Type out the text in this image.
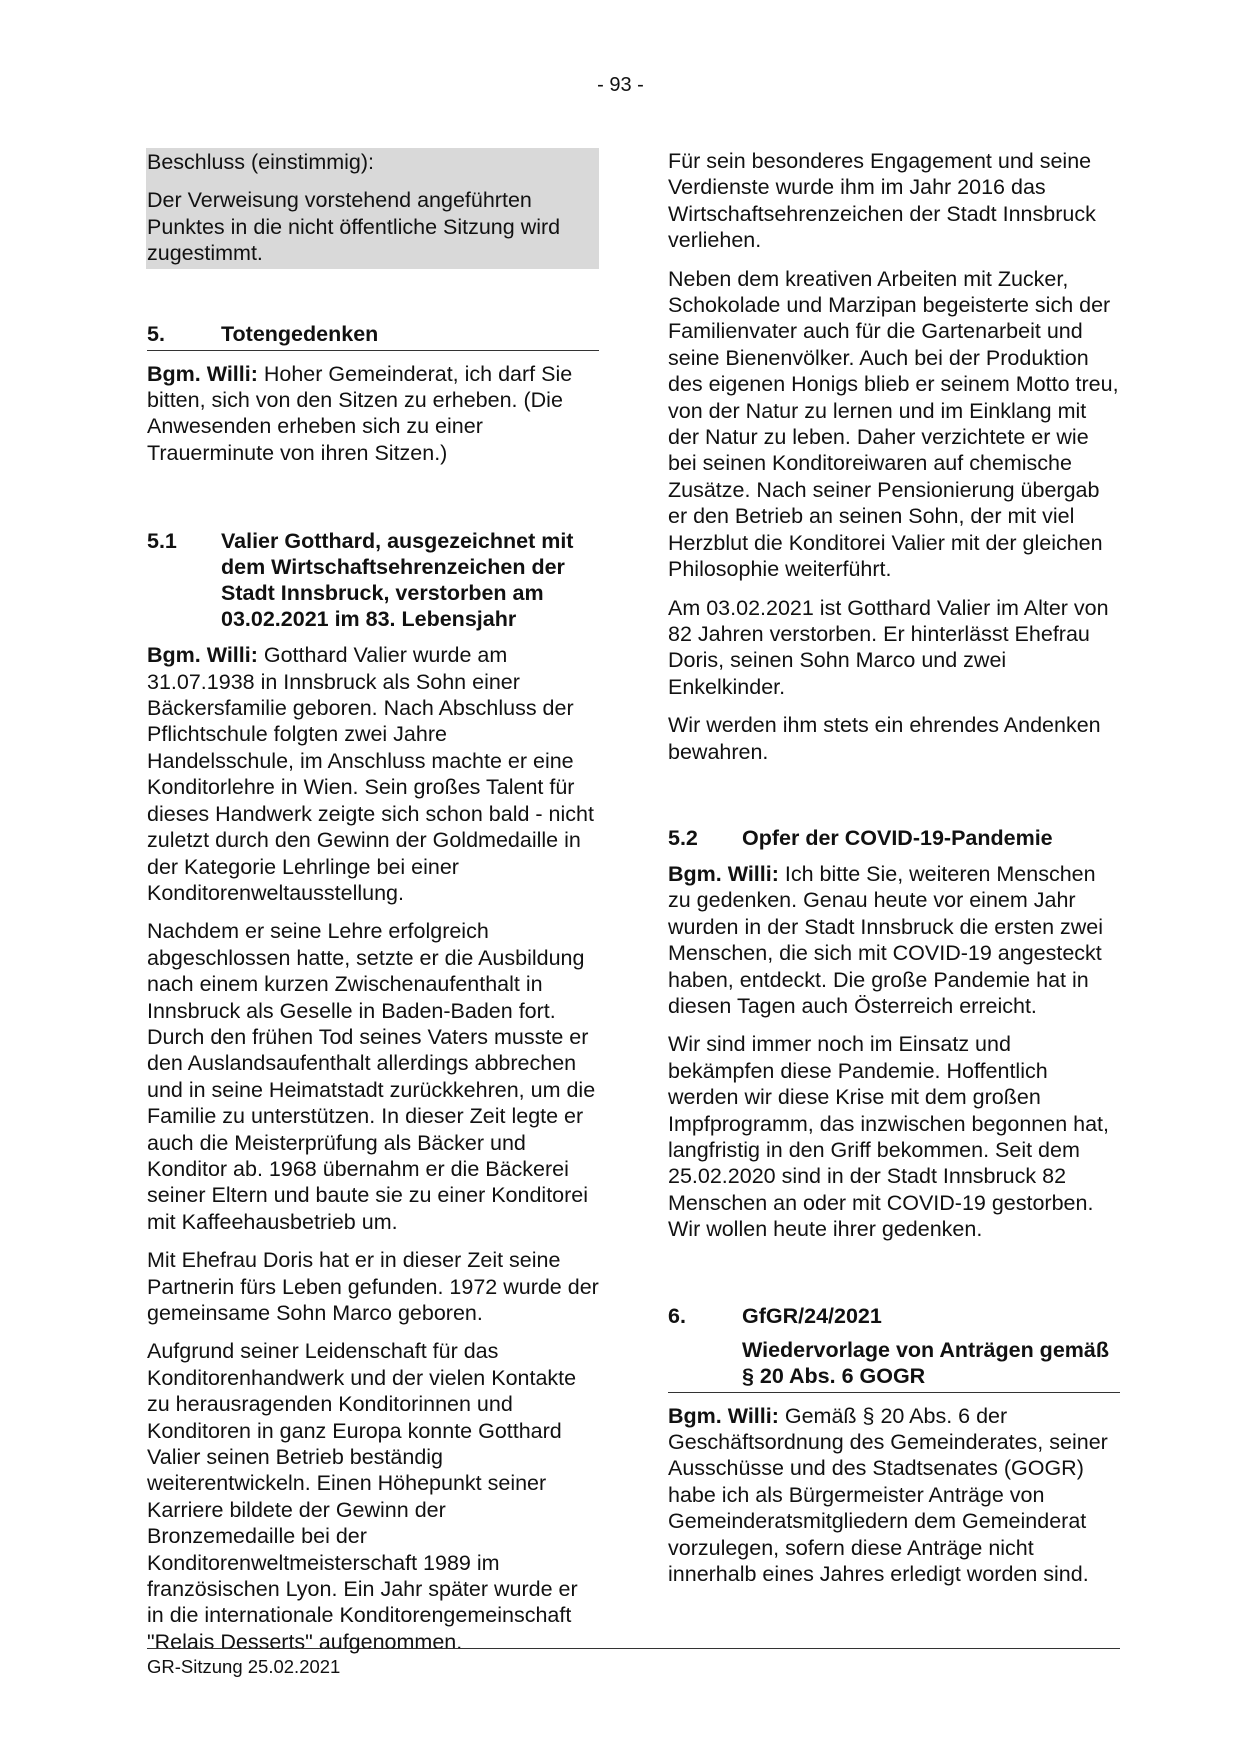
- 93 -

Beschluss (einstimmig):

Der Verweisung vorstehend angeführten Punktes in die nicht öffentliche Sitzung wird zugestimmt.

5.	Totengedenken

Bgm. Willi: Hoher Gemeinderat, ich darf Sie bitten, sich von den Sitzen zu erheben. (Die Anwesenden erheben sich zu einer Trauerminute von ihren Sitzen.)

5.1	Valier Gotthard, ausgezeichnet mit dem Wirtschaftsehrenzeichen der Stadt Innsbruck, verstorben am 03.02.2021 im 83. Lebensjahr

Bgm. Willi: Gotthard Valier wurde am 31.07.1938 in Innsbruck als Sohn einer Bäckersfamilie geboren. Nach Abschluss der Pflichtschule folgten zwei Jahre Handelsschule, im Anschluss machte er eine Konditorlehre in Wien. Sein großes Talent für dieses Handwerk zeigte sich schon bald - nicht zuletzt durch den Gewinn der Goldmedaille in der Kategorie Lehrlinge bei einer Konditorenweltausstellung.

Nachdem er seine Lehre erfolgreich abgeschlossen hatte, setzte er die Ausbildung nach einem kurzen Zwischenaufenthalt in Innsbruck als Geselle in Baden-Baden fort. Durch den frühen Tod seines Vaters musste er den Auslandsaufenthalt allerdings abbrechen und in seine Heimatstadt zurückkehren, um die Familie zu unterstützen. In dieser Zeit legte er auch die Meisterprüfung als Bäcker und Konditor ab. 1968 übernahm er die Bäckerei seiner Eltern und baute sie zu einer Konditorei mit Kaffeehausbetrieb um.

Mit Ehefrau Doris hat er in dieser Zeit seine Partnerin fürs Leben gefunden. 1972 wurde der gemeinsame Sohn Marco geboren.

Aufgrund seiner Leidenschaft für das Konditorenhandwerk und der vielen Kontakte zu herausragenden Konditorinnen und Konditoren in ganz Europa konnte Gotthard Valier seinen Betrieb beständig weiterentwickeln. Einen Höhepunkt seiner Karriere bildete der Gewinn der Bronzemedaille bei der Konditorenweltmeisterschaft 1989 im französischen Lyon. Ein Jahr später wurde er in die internationale Konditorengemeinschaft "Relais Desserts" aufgenommen.

Für sein besonderes Engagement und seine Verdienste wurde ihm im Jahr 2016 das Wirtschaftsehrenzeichen der Stadt Innsbruck verliehen.

Neben dem kreativen Arbeiten mit Zucker, Schokolade und Marzipan begeisterte sich der Familienvater auch für die Gartenarbeit und seine Bienenvölker. Auch bei der Produktion des eigenen Honigs blieb er seinem Motto treu, von der Natur zu lernen und im Einklang mit der Natur zu leben. Daher verzichtete er wie bei seinen Konditoreiwaren auf chemische Zusätze. Nach seiner Pensionierung übergab er den Betrieb an seinen Sohn, der mit viel Herzblut die Konditorei Valier mit der gleichen Philosophie weiterführt.

Am 03.02.2021 ist Gotthard Valier im Alter von 82 Jahren verstorben. Er hinterlässt Ehefrau Doris, seinen Sohn Marco und zwei Enkelkinder.

Wir werden ihm stets ein ehrendes Andenken bewahren.

5.2	Opfer der COVID-19-Pandemie

Bgm. Willi: Ich bitte Sie, weiteren Menschen zu gedenken. Genau heute vor einem Jahr wurden in der Stadt Innsbruck die ersten zwei Menschen, die sich mit COVID-19 angesteckt haben, entdeckt. Die große Pandemie hat in diesen Tagen auch Österreich erreicht.

Wir sind immer noch im Einsatz und bekämpfen diese Pandemie. Hoffentlich werden wir diese Krise mit dem großen Impfprogramm, das inzwischen begonnen hat, langfristig in den Griff bekommen. Seit dem 25.02.2020 sind in der Stadt Innsbruck 82 Menschen an oder mit COVID-19 gestorben. Wir wollen heute ihrer gedenken.

6.	GfGR/24/2021
Wiedervorlage von Anträgen gemäß § 20 Abs. 6 GOGR

Bgm. Willi: Gemäß § 20 Abs. 6 der Geschäftsordnung des Gemeinderates, seiner Ausschüsse und des Stadtsenates (GOGR) habe ich als Bürgermeister Anträge von Gemeinderatsmitgliedern dem Gemeinderat vorzulegen, sofern diese Anträge nicht innerhalb eines Jahres erledigt worden sind.

GR-Sitzung 25.02.2021
